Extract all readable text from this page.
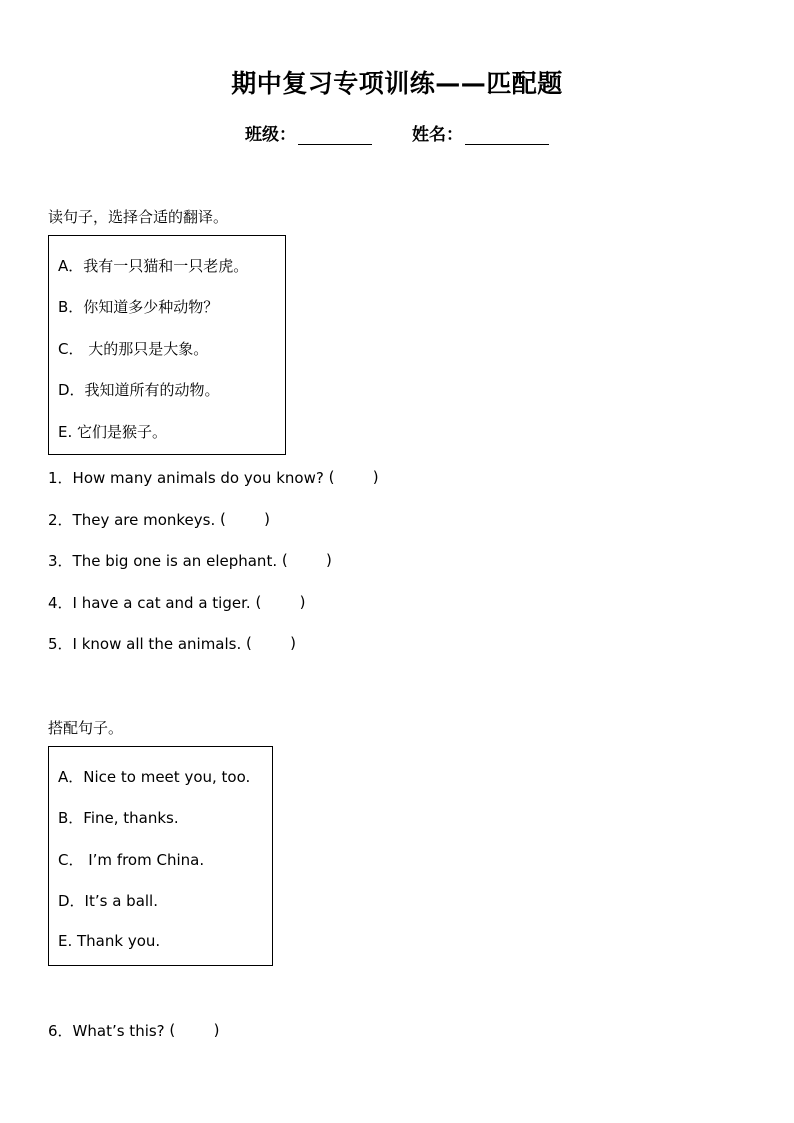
期中复习专项训练——匹配题
班级：	姓名：
读句子，选择合适的翻译。
A．我有一只猫和一只老虎。
B．你知道多少种动物？
C． 大的那只是大象。
D．我知道所有的动物。
E. 它们是猴子。
1．How many animals do you know? (	)
2．They are monkeys. (	)
3．The big one is an elephant. (	)
4．I have a cat and a tiger. (	)
5．I know all the animals. (	)
搭配句子。
A．Nice to meet you, too.
B．Fine, thanks.
C． I’m from China.
D．It’s a ball.
E. Thank you.
6．What’s this? (	)
